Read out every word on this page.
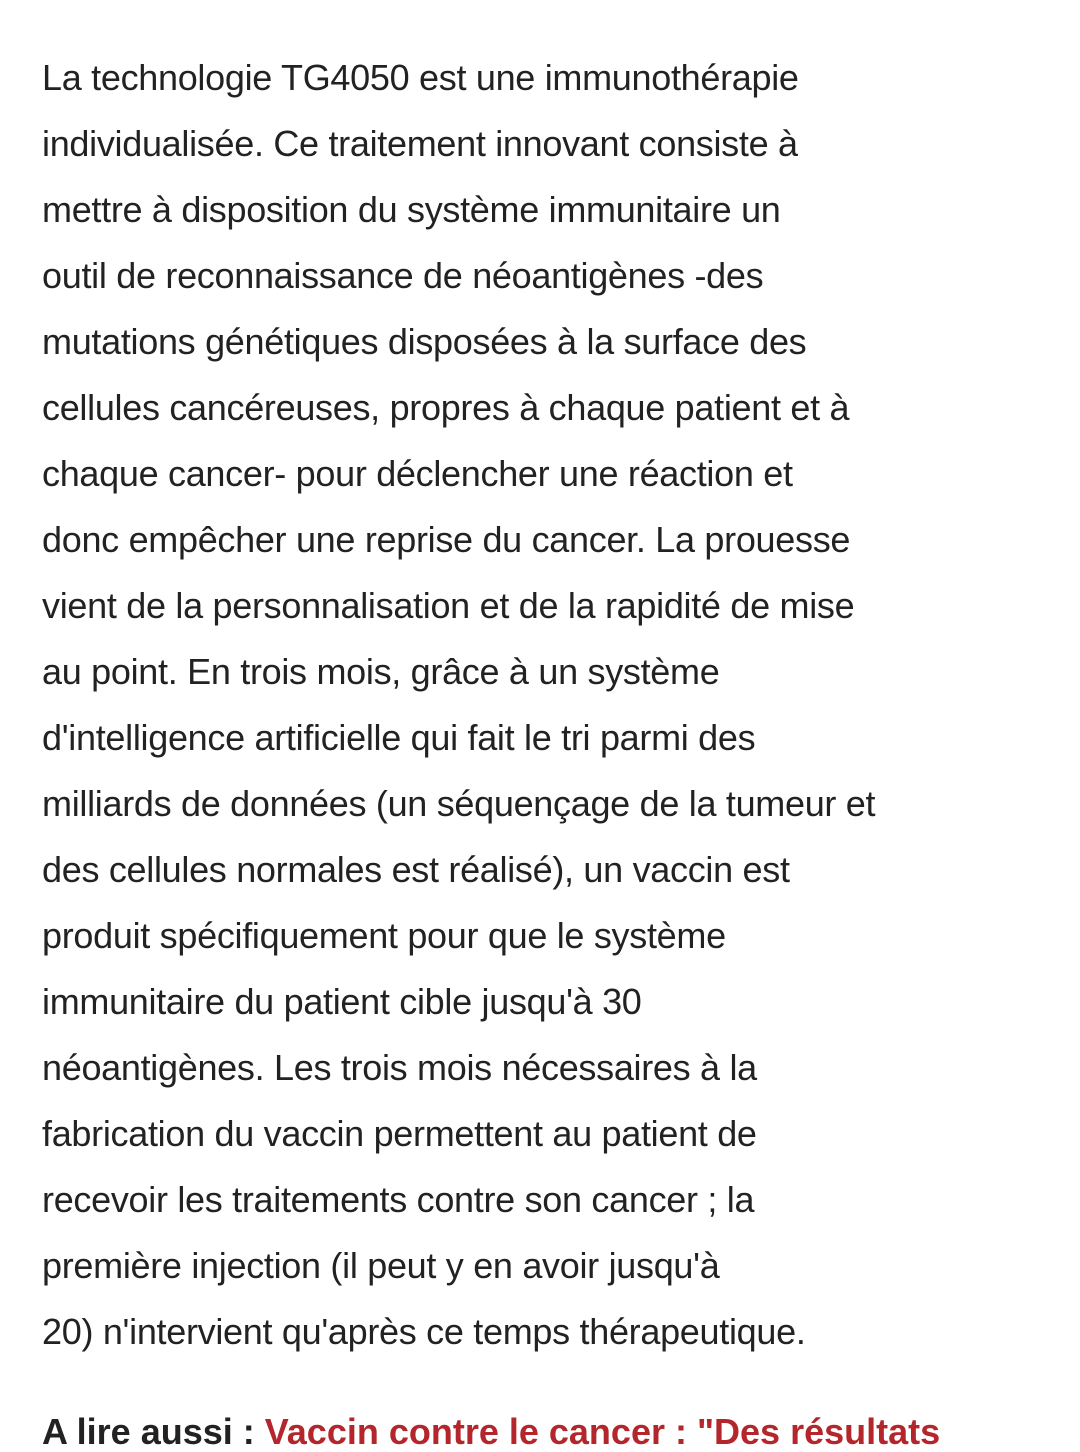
La technologie TG4050 est une immunothérapie
individualisée. Ce traitement innovant consiste à
mettre à disposition du système immunitaire un
outil de reconnaissance de néoantigènes -des
mutations génétiques disposées à la surface des
cellules cancéreuses, propres à chaque patient et à
chaque cancer- pour déclencher une réaction et
donc empêcher une reprise du cancer. La prouesse
vient de la personnalisation et de la rapidité de mise
au point. En trois mois, grâce à un système
d'intelligence artificielle qui fait le tri parmi des
milliards de données (un séquençage de la tumeur et
des cellules normales est réalisé), un vaccin est
produit spécifiquement pour que le système
immunitaire du patient cible jusqu'à 30
néoantigènes. Les trois mois nécessaires à la
fabrication du vaccin permettent au patient de
recevoir les traitements contre son cancer ; la
première injection (il peut y en avoir jusqu'à
20) n'intervient qu'après ce temps thérapeutique.
A lire aussi : Vaccin contre le cancer : "Des résultats
